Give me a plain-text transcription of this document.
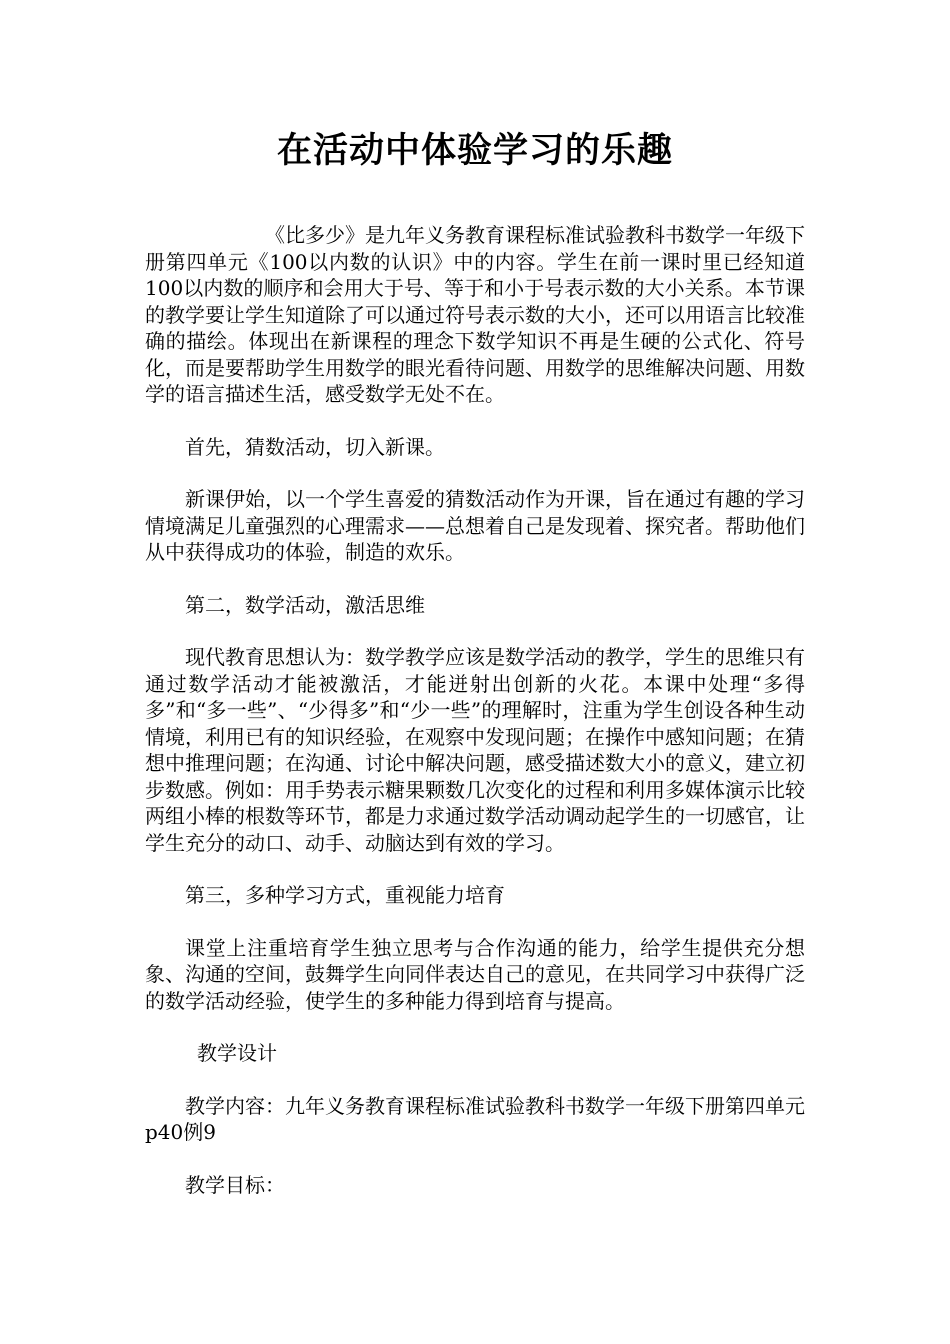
在活动中体验学习的乐趣

《比多少》是九年义务教育课程标准试验教科书数学一年级下册第四单元《100以内数的认识》中的内容。学生在前一课时里已经知道100以内数的顺序和会用大于号、等于和小于号表示数的大小关系。本节课的教学要让学生知道除了可以通过符号表示数的大小，还可以用语言比较准确的描绘。体现出在新课程的理念下数学知识不再是生硬的公式化、符号化，而是要帮助学生用数学的眼光看待问题、用数学的思维解决问题、用数学的语言描述生活，感受数学无处不在。

首先，猜数活动，切入新课。

新课伊始，以一个学生喜爱的猜数活动作为开课，旨在通过有趣的学习情境满足儿童强烈的心理需求——总想着自己是发现着、探究者。帮助他们从中获得成功的体验，制造的欢乐。

第二，数学活动，激活思维

现代教育思想认为：数学教学应该是数学活动的教学，学生的思维只有通过数学活动才能被激活，才能迸射出创新的火花。本课中处理“多得多”和“多一些”、“少得多”和“少一些”的理解时，注重为学生创设各种生动情境，利用已有的知识经验，在观察中发现问题；在操作中感知问题；在猜想中推理问题；在沟通、讨论中解决问题，感受描述数大小的意义，建立初步数感。例如：用手势表示糖果颗数几次变化的过程和利用多媒体演示比较两组小棒的根数等环节，都是力求通过数学活动调动起学生的一切感官，让学生充分的动口、动手、动脑达到有效的学习。

第三，多种学习方式，重视能力培育

课堂上注重培育学生独立思考与合作沟通的能力，给学生提供充分想象、沟通的空间，鼓舞学生向同伴表达自己的意见，在共同学习中获得广泛的数学活动经验，使学生的多种能力得到培育与提高。

教学设计

教学内容：九年义务教育课程标准试验教科书数学一年级下册第四单元p40例9

教学目标：
